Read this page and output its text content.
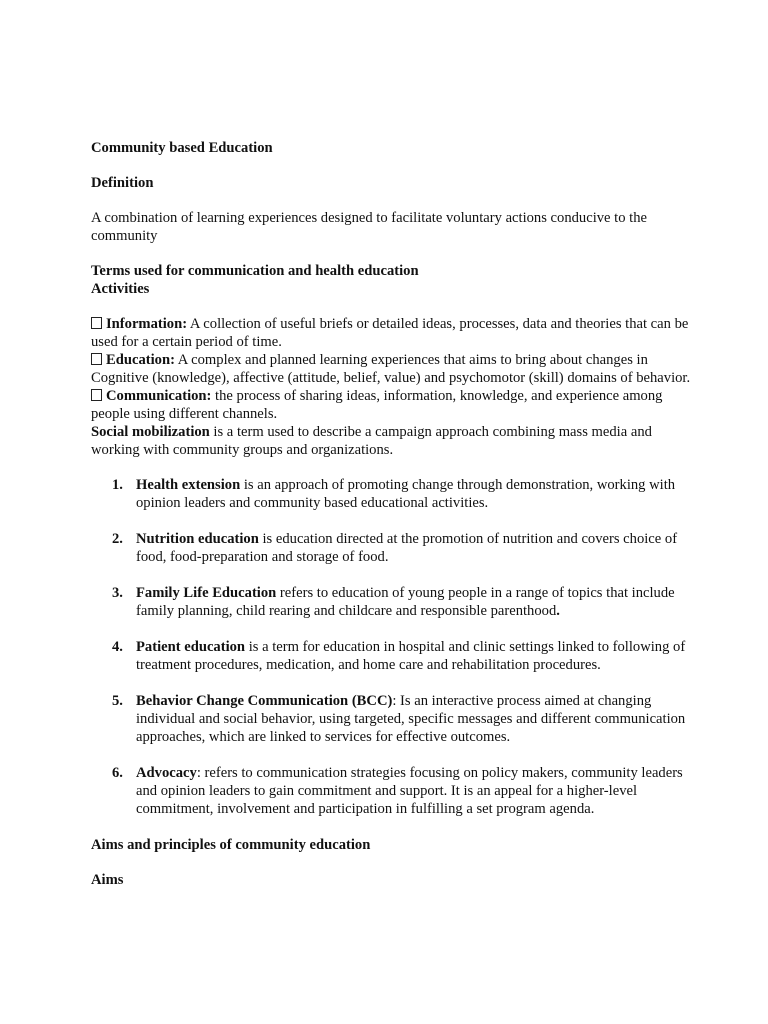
Community based Education

Definition

A combination of learning experiences designed to facilitate voluntary actions conducive to the community

Terms used for communication and health education

Activities

Information: A collection of useful briefs or detailed ideas, processes, data and theories that can be used for a certain period of time.

Education: A complex and planned learning experiences that aims to bring about changes in Cognitive (knowledge), affective (attitude, belief, value) and psychomotor (skill) domains of behavior.

Communication: the process of sharing ideas, information, knowledge, and experience among people using different channels.

Social mobilization is a term used to describe a campaign approach combining mass media and working with community groups and organizations.

1. Health extension is an approach of promoting change through demonstration, working with opinion leaders and community based educational activities.
2. Nutrition education is education directed at the promotion of nutrition and covers choice of food, food-preparation and storage of food.
3. Family Life Education refers to education of young people in a range of topics that include family planning, child rearing and childcare and responsible parenthood.
4. Patient education is a term for education in hospital and clinic settings linked to following of treatment procedures, medication, and home care and rehabilitation procedures.
5. Behavior Change Communication (BCC): Is an interactive process aimed at changing individual and social behavior, using targeted, specific messages and different communication approaches, which are linked to services for effective outcomes.
6. Advocacy: refers to communication strategies focusing on policy makers, community leaders and opinion leaders to gain commitment and support. It is an appeal for a higher-level commitment, involvement and participation in fulfilling a set program agenda.

Aims and principles of community education

Aims
